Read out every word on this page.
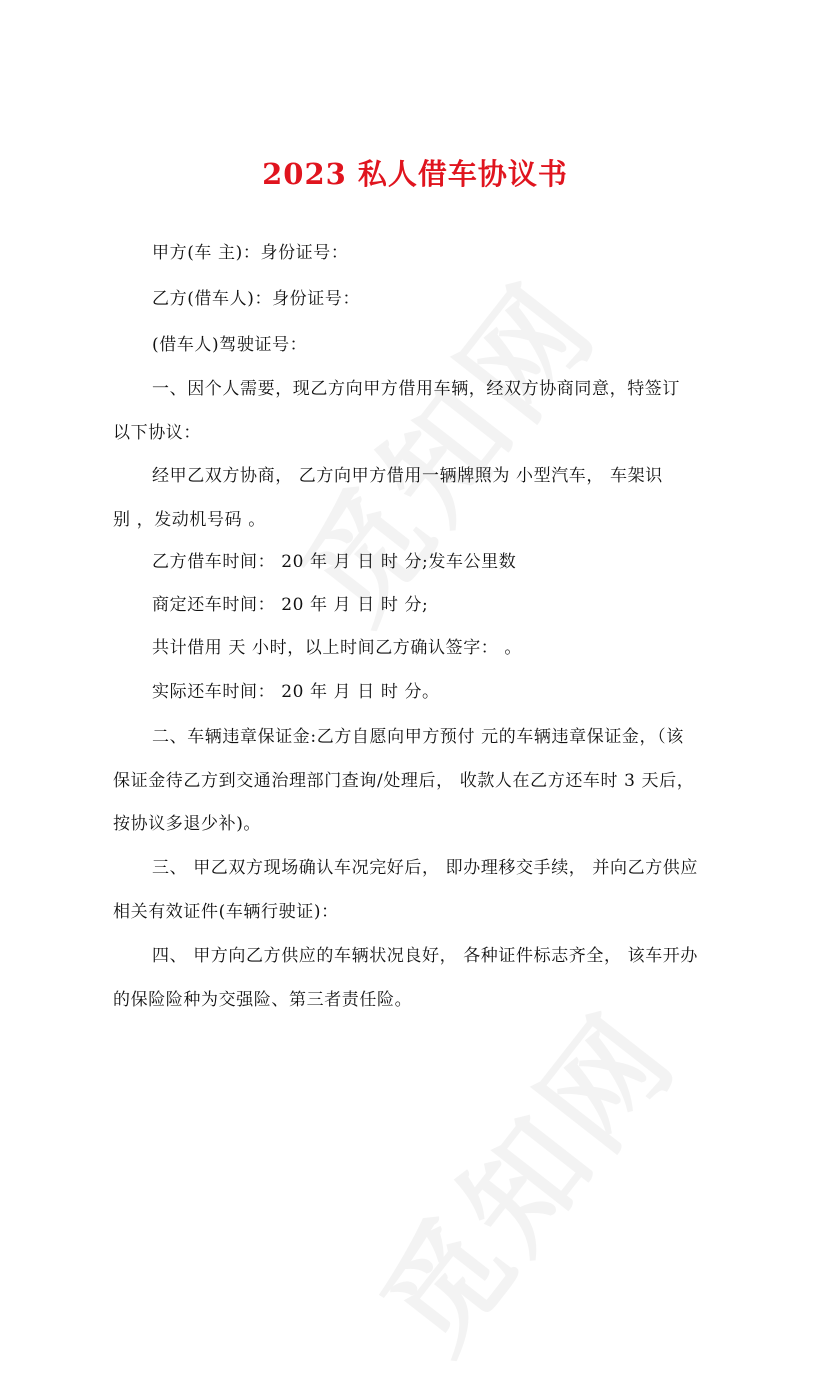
2023 私人借车协议书
甲方(车 主)：身份证号：
乙方(借车人)：身份证号：
(借车人)驾驶证号：
一、因个人需要，现乙方向甲方借用车辆，经双方协商同意，特签订
以下协议：
经甲乙双方协商， 乙方向甲方借用一辆牌照为 小型汽车， 车架识
别 ，发动机号码 。
乙方借车时间： 20 年 月 日 时 分;发车公里数
商定还车时间： 20 年 月 日 时 分;
共计借用 天 小时，以上时间乙方确认签字： 。
实际还车时间： 20 年 月 日 时 分。
二、车辆违章保证金:乙方自愿向甲方预付 元的车辆违章保证金，（该
保证金待乙方到交通治理部门查询/处理后， 收款人在乙方还车时 3 天后，
按协议多退少补)。
三、 甲乙双方现场确认车况完好后， 即办理移交手续， 并向乙方供应
相关有效证件(车辆行驶证)：
四、 甲方向乙方供应的车辆状况良好， 各种证件标志齐全， 该车开办
的保险险种为交强险、第三者责任险。
